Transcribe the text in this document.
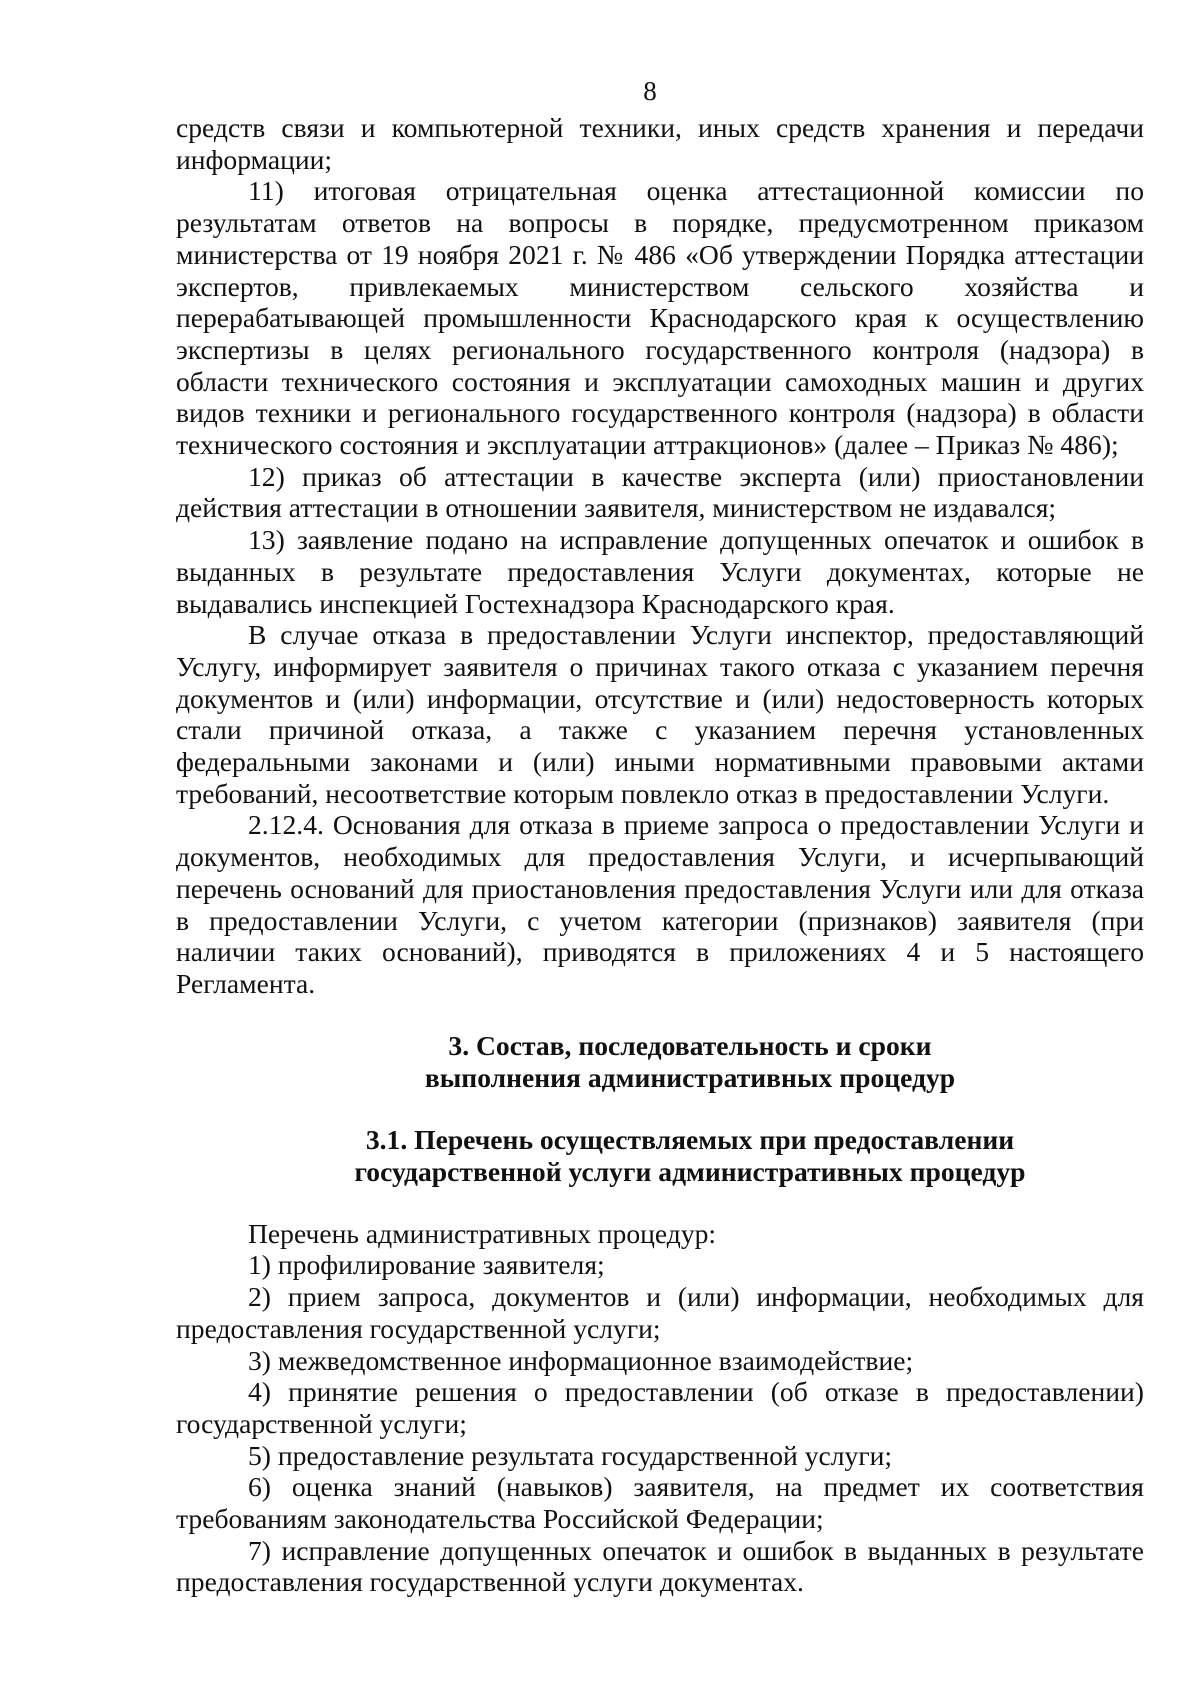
8

средств связи и компьютерной техники, иных средств хранения и передачи информации;

11) итоговая отрицательная оценка аттестационной комиссии по результатам ответов на вопросы в порядке, предусмотренном приказом министерства от 19 ноября 2021 г. № 486 «Об утверждении Порядка аттестации экспертов, привлекаемых министерством сельского хозяйства и перерабатывающей промышленности Краснодарского края к осуществлению экспертизы в целях регионального государственного контроля (надзора) в области технического состояния и эксплуатации самоходных машин и других видов техники и регионального государственного контроля (надзора) в области технического состояния и эксплуатации аттракционов» (далее – Приказ № 486);

12) приказ об аттестации в качестве эксперта (или) приостановлении действия аттестации в отношении заявителя, министерством не издавался;

13) заявление подано на исправление допущенных опечаток и ошибок в выданных в результате предоставления Услуги документах, которые не выдавались инспекцией Гостехнадзора Краснодарского края.

В случае отказа в предоставлении Услуги инспектор, предоставляющий Услугу, информирует заявителя о причинах такого отказа с указанием перечня документов и (или) информации, отсутствие и (или) недостоверность которых стали причиной отказа, а также с указанием перечня установленных федеральными законами и (или) иными нормативными правовыми актами требований, несоответствие которым повлекло отказ в предоставлении Услуги.

2.12.4. Основания для отказа в приеме запроса о предоставлении Услуги и документов, необходимых для предоставления Услуги, и исчерпывающий перечень оснований для приостановления предоставления Услуги или для отказа в предоставлении Услуги, с учетом категории (признаков) заявителя (при наличии таких оснований), приводятся в приложениях 4 и 5 настоящего Регламента.

3. Состав, последовательность и сроки

выполнения административных процедур

3.1. Перечень осуществляемых при предоставлении

государственной услуги административных процедур

Перечень административных процедур:

1) профилирование заявителя;

2) прием запроса, документов и (или) информации, необходимых для предоставления государственной услуги;

3) межведомственное информационное взаимодействие;

4) принятие решения о предоставлении (об отказе в предоставлении) государственной услуги;

5) предоставление результата государственной услуги;

6) оценка знаний (навыков) заявителя, на предмет их соответствия требованиям законодательства Российской Федерации;

7) исправление допущенных опечаток и ошибок в выданных в результате предоставления государственной услуги документах.
